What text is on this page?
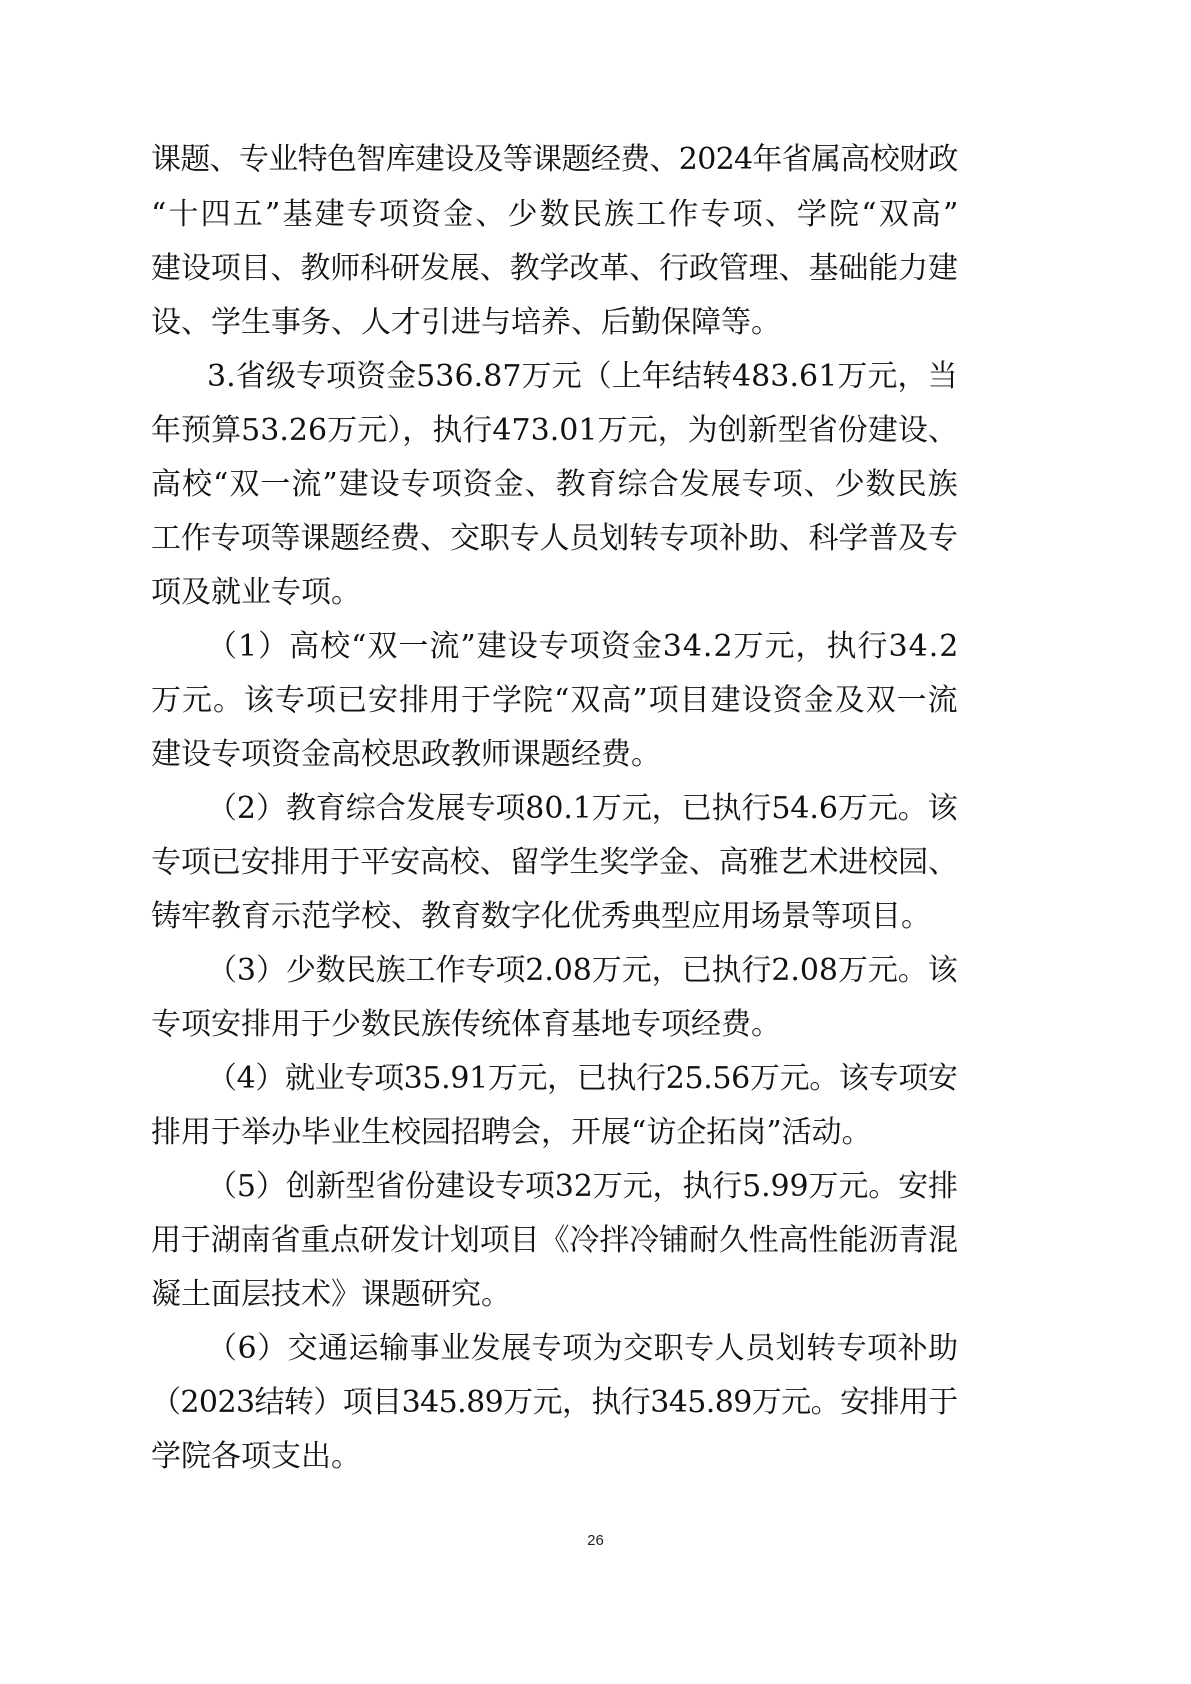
课题、专业特色智库建设及等课题经费、2024年省属高校财政
“十四五”基建专项资金、少数民族工作专项、学院“双高”
建设项目、教师科研发展、教学改革、行政管理、基础能力建
设、学生事务、人才引进与培养、后勤保障等。
3.省级专项资金536.87万元（上年结转483.61万元，当
年预算53.26万元），执行473.01万元，为创新型省份建设、
高校“双一流”建设专项资金、教育综合发展专项、少数民族
工作专项等课题经费、交职专人员划转专项补助、科学普及专
项及就业专项。
（1）高校“双一流”建设专项资金34.2万元，执行34.2
万元。该专项已安排用于学院“双高”项目建设资金及双一流
建设专项资金高校思政教师课题经费。
（2）教育综合发展专项80.1万元，已执行54.6万元。该
专项已安排用于平安高校、留学生奖学金、高雅艺术进校园、
铸牢教育示范学校、教育数字化优秀典型应用场景等项目。
（3）少数民族工作专项2.08万元，已执行2.08万元。该
专项安排用于少数民族传统体育基地专项经费。
（4）就业专项35.91万元，已执行25.56万元。该专项安
排用于举办毕业生校园招聘会，开展“访企拓岗”活动。
（5）创新型省份建设专项32万元，执行5.99万元。安排
用于湖南省重点研发计划项目《冷拌冷铺耐久性高性能沥青混
凝土面层技术》课题研究。
（6）交通运输事业发展专项为交职专人员划转专项补助
（2023结转）项目345.89万元，执行345.89万元。安排用于
学院各项支出。
26
